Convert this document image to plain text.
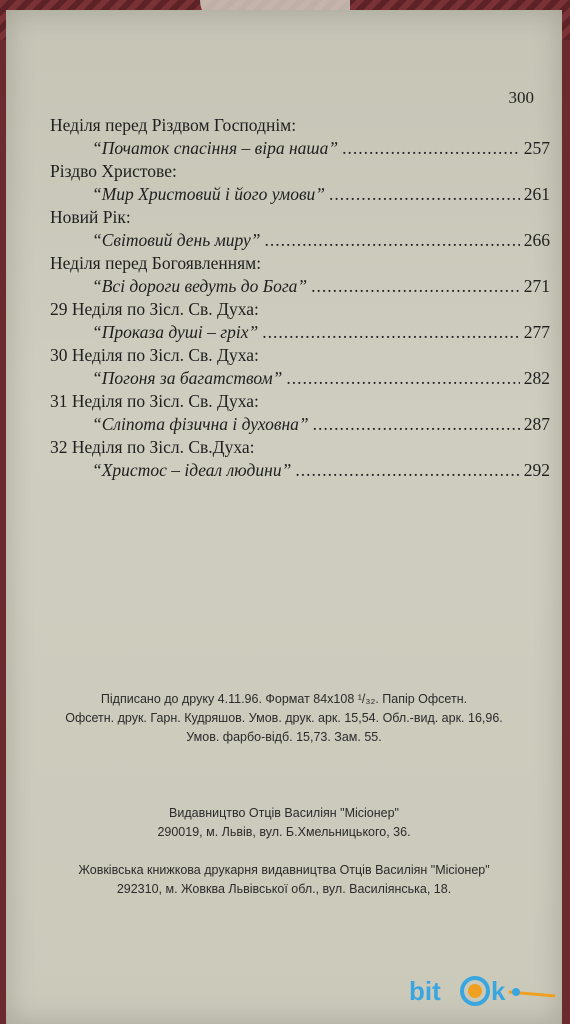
300
Неділя перед Різдвом Господнім:
“Початок спасіння – віра наша” .....	257
Різдво Христове:
“Мир Христовий і його умови” .....	261
Новий Рік:
“Світовий день миру” .....	266
Неділя перед Богоявленням:
“Всі дороги ведуть до Бога” .....	271
29 Неділя по Зісл. Св. Духа:
“Проказа душі – гріх” .....	277
30 Неділя по Зісл. Св. Духа:
“Погоня за багатством” .....	282
31 Неділя по Зісл. Св. Духа:
“Сліпота фізична і духовна” .....	287
32 Неділя по Зісл. Св.Духа:
“Христос – ідеал людини” .....	292
Підписано до друку 4.11.96. Формат 84х108 ¹/₃₂. Папір Офсетн.
Офсетн. друк. Гарн. Кудряшов. Умов. друк. арк. 15,54. Обл.-вид. арк. 16,96.
Умов. фарбо-відб. 15,73. Зам. 55.
Видавництво Отців Василіян "Місіонер"
290019, м. Львів, вул. Б.Хмельницького, 36.
Жовківська книжкова друкарня видавництва Отців Василіян "Місіонер"
292310, м. Жовква Львівської обл., вул. Василіянська, 18.
bit k
